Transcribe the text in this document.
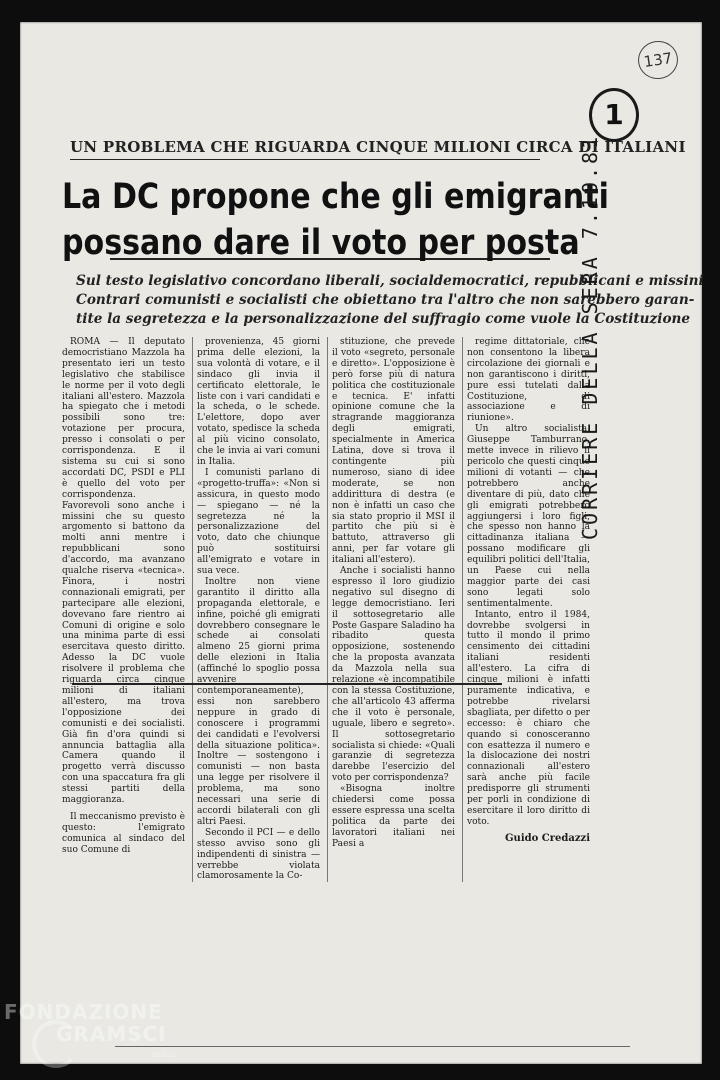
137
1
UN PROBLEMA CHE RIGUARDA CINQUE MILIONI CIRCA DI ITALIANI
La DC propone che gli emigranti
possano dare il voto per posta
Sul testo legislativo concordano liberali, socialdemocratici, repubblicani e missini
Contrari comunisti e socialisti che obiettano tra l'altro che non sarebbero garan-
tite la segretezza e la personalizzazione del suffragio come vuole la Costituzione

ROMA — Il deputato democristiano Mazzola ha presentato ieri un testo legislativo che stabilisce le norme per il voto degli italiani all'estero. Mazzola ha spiegato che i metodi possibili sono tre: votazione per procura, presso i consolati o per corrispondenza. E il sistema su cui si sono accordati DC, PSDI e PLI è quello del voto per corrispondenza. Favorevoli sono anche i missini che su questo argomento si battono da molti anni mentre i repubblicani sono d'accordo, ma avanzano qualche riserva «tecnica». Finora, i nostri connazionali emigrati, per partecipare alle elezioni, dovevano fare rientro ai Comuni di origine e solo una minima parte di essi esercitava questo diritto. Adesso la DC vuole risolvere il problema che riguarda circa cinque milioni di italiani all'estero, ma trova l'opposizione dei comunisti e dei socialisti. Già fin d'ora quindi si annuncia battaglia alla Camera quando il progetto verrà discusso con una spaccatura fra gli stessi partiti della maggioranza.

Il meccanismo previsto è questo: l'emigrato comunica al sindaco del suo Comune di

provenienza, 45 giorni prima delle elezioni, la sua volontà di votare, e il sindaco gli invia il certificato elettorale, le liste con i vari candidati e la scheda, o le schede. L'elettore, dopo aver votato, spedisce la scheda al più vicino consolato, che le invia ai vari comuni in Italia.

I comunisti parlano di «progetto-truffa»: «Non si assicura, in questo modo — spiegano — né la segretezza né la personalizzazione del voto, dato che chiunque può sostituirsi all'emigrato e votare in sua vece.

Inoltre non viene garantito il diritto alla propaganda elettorale, e infine, poiché gli emigrati dovrebbero consegnare le schede ai consolati almeno 25 giorni prima delle elezioni in Italia (affinché lo spoglio possa avvenire contemporaneamente), essi non sarebbero neppure in grado di conoscere i programmi dei candidati e l'evolversi della situazione politica». Inoltre — sostengono i comunisti — non basta una legge per risolvere il problema, ma sono necessari una serie di accordi bilaterali con gli altri Paesi.

Secondo il PCI — e dello stesso avviso sono gli indipendenti di sinistra — verrebbe violata clamorosamente la Co-

stituzione, che prevede il voto «segreto, personale e diretto». L'opposizione è però forse più di natura politica che costituzionale e tecnica. E' infatti opinione comune che la stragrande maggioranza degli emigrati, specialmente in America Latina, dove si trova il contingente più numeroso, siano di idee moderate, se non addirittura di destra (e non è infatti un caso che sia stato proprio il MSI il partito che più si è battuto, attraverso gli anni, per far votare gli italiani all'estero).

Anche i socialisti hanno espresso il loro giudizio negativo sul disegno di legge democristiano. Ieri il sottosegretario alle Poste Gaspare Saladino ha ribadito questa opposizione, sostenendo che la proposta avanzata da Mazzola nella sua relazione «è incompatibile con la stessa Costituzione, che all'articolo 43 afferma che il voto è personale, uguale, libero e segreto». Il sottosegretario socialista si chiede: «Quali garanzie di segretezza darebbe l'esercizio del voto per corrispondenza?

«Bisogna inoltre chiedersi come possa essere espressa una scelta politica da parte dei lavoratori italiani nei Paesi a

regime dittatoriale, che non consentono la libera circolazione dei giornali e non garantiscono i diritti, pure essi tutelati dalla Costituzione, di associazione e di riunione».

Un altro socialista, Giuseppe Tamburrano, mette invece in rilievo il pericolo che questi cinque milioni di votanti — che potrebbero anche diventare di più, dato che gli emigrati potrebbero aggiungersi i loro figli, che spesso non hanno la cittadinanza italiana — possano modificare gli equilibri politici dell'Italia, un Paese cui nella maggior parte dei casi sono legati solo sentimentalmente.

Intanto, entro il 1984, dovrebbe svolgersi in tutto il mondo il primo censimento dei cittadini italiani residenti all'estero. La cifra di cinque milioni è infatti puramente indicativa, e potrebbe rivelarsi sbagliata, per difetto o per eccesso: è chiaro che quando si conosceranno con esattezza il numero e la dislocazione dei nostri connazionali all'estero sarà anche più facile predisporre gli strumenti per porli in condizione di esercitare il loro diritto di voto.

Guido Credazzi
CORRIERE DELLA SERA 7.10.81
FONDAZIONE
GRAMSCI
onlus
